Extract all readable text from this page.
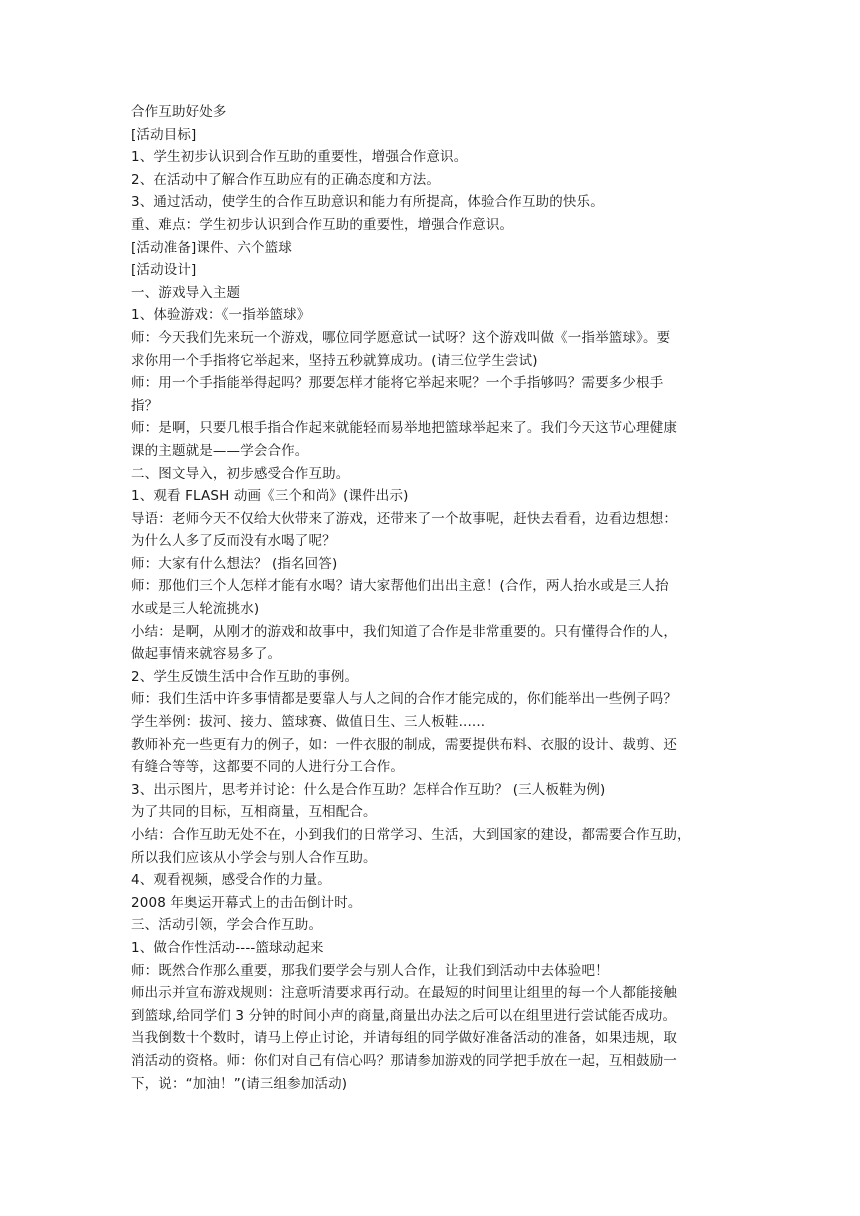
合作互助好处多
[活动目标]
1、学生初步认识到合作互助的重要性，增强合作意识。
2、在活动中了解合作互助应有的正确态度和方法。
3、通过活动，使学生的合作互助意识和能力有所提高，体验合作互助的快乐。
重、难点：学生初步认识到合作互助的重要性，增强合作意识。
[活动准备]课件、六个篮球
[活动设计]
一、游戏导入主题
1、体验游戏：《一指举篮球》
师：今天我们先来玩一个游戏，哪位同学愿意试一试呀？这个游戏叫做《一指举篮球》。要
求你用一个手指将它举起来，坚持五秒就算成功。(请三位学生尝试)
师：用一个手指能举得起吗？那要怎样才能将它举起来呢？一个手指够吗？需要多少根手
指？
师：是啊，只要几根手指合作起来就能轻而易举地把篮球举起来了。我们今天这节心理健康
课的主题就是——学会合作。
二、图文导入，初步感受合作互助。
1、观看 FLASH 动画《三个和尚》(课件出示)
导语：老师今天不仅给大伙带来了游戏，还带来了一个故事呢，赶快去看看，边看边想想：
为什么人多了反而没有水喝了呢？
师：大家有什么想法？ (指名回答)
师：那他们三个人怎样才能有水喝？请大家帮他们出出主意！(合作，两人抬水或是三人抬
水或是三人轮流挑水)
小结：是啊，从刚才的游戏和故事中，我们知道了合作是非常重要的。只有懂得合作的人，
做起事情来就容易多了。
2、学生反馈生活中合作互助的事例。
师：我们生活中许多事情都是要靠人与人之间的合作才能完成的，你们能举出一些例子吗？
学生举例：拔河、接力、篮球赛、做值日生、三人板鞋......
教师补充一些更有力的例子，如：一件衣服的制成，需要提供布料、衣服的设计、裁剪、还
有缝合等等，这都要不同的人进行分工合作。
3、出示图片，思考并讨论：什么是合作互助？怎样合作互助？ (三人板鞋为例)
为了共同的目标，互相商量，互相配合。
小结：合作互助无处不在，小到我们的日常学习、生活，大到国家的建设，都需要合作互助，
所以我们应该从小学会与别人合作互助。
4、观看视频，感受合作的力量。
2008 年奥运开幕式上的击缶倒计时。
三、活动引领，学会合作互助。
1、做合作性活动----篮球动起来
师：既然合作那么重要，那我们要学会与别人合作，让我们到活动中去体验吧！
师出示并宣布游戏规则：注意听清要求再行动。在最短的时间里让组里的每一个人都能接触
到篮球,给同学们 3 分钟的时间小声的商量,商量出办法之后可以在组里进行尝试能否成功。
当我倒数十个数时，请马上停止讨论，并请每组的同学做好准备活动的准备，如果违规，取
消活动的资格。师：你们对自己有信心吗？那请参加游戏的同学把手放在一起，互相鼓励一
下，说：“加油！”(请三组参加活动)
